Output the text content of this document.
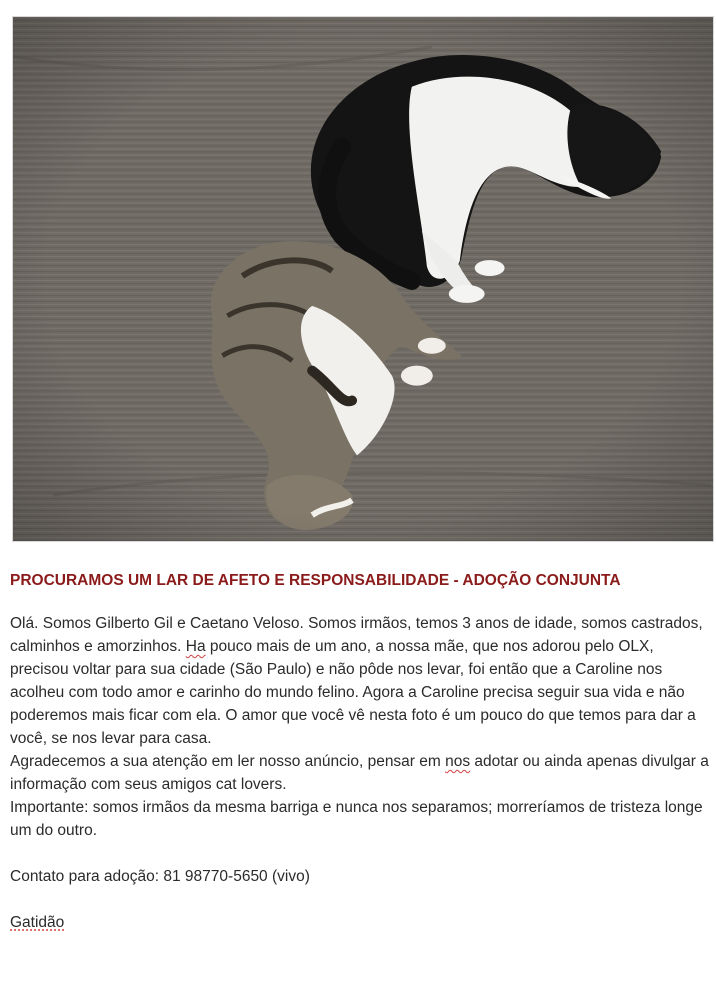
PROCURAMOS UM LAR DE AFETO E RESPONSABILIDADE - ADOÇÃO CONJUNTA

Olá. Somos Gilberto Gil e Caetano Veloso. Somos irmãos, temos 3 anos de idade, somos castrados, calminhos e amorzinhos. Ha pouco mais de um ano, a nossa mãe, que nos adorou pelo OLX, precisou voltar para sua cidade (São Paulo) e não pôde nos levar, foi então que a Caroline nos acolheu com todo amor e carinho do mundo felino. Agora a Caroline precisa seguir sua vida e não poderemos mais ficar com ela. O amor que você vê nesta foto é um pouco do que temos para dar a você, se nos levar para casa.

Agradecemos a sua atenção em ler nosso anúncio, pensar em nos adotar ou ainda apenas divulgar a informação com seus amigos cat lovers.

Importante: somos irmãos da mesma barriga e nunca nos separamos; morreríamos de tristeza longe um do outro.

Contato para adoção: 81 98770-5650 (vivo)

Gatidão
